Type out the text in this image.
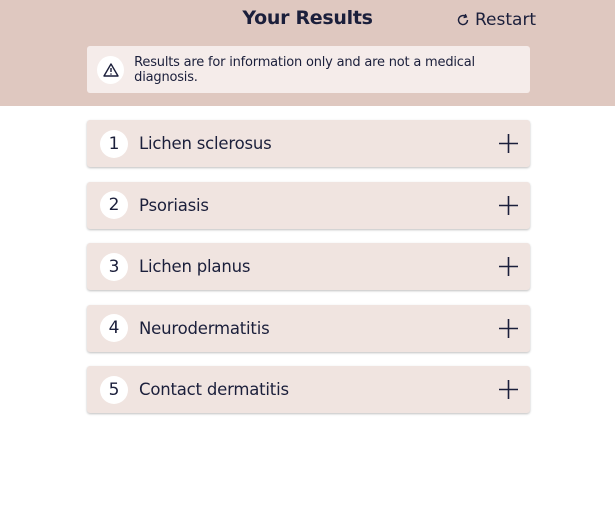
Your Results	Restart
Results are for information only and are not a medical diagnosis.
1	Lichen sclerosus
2	Psoriasis
3	Lichen planus
4	Neurodermatitis
5	Contact dermatitis
